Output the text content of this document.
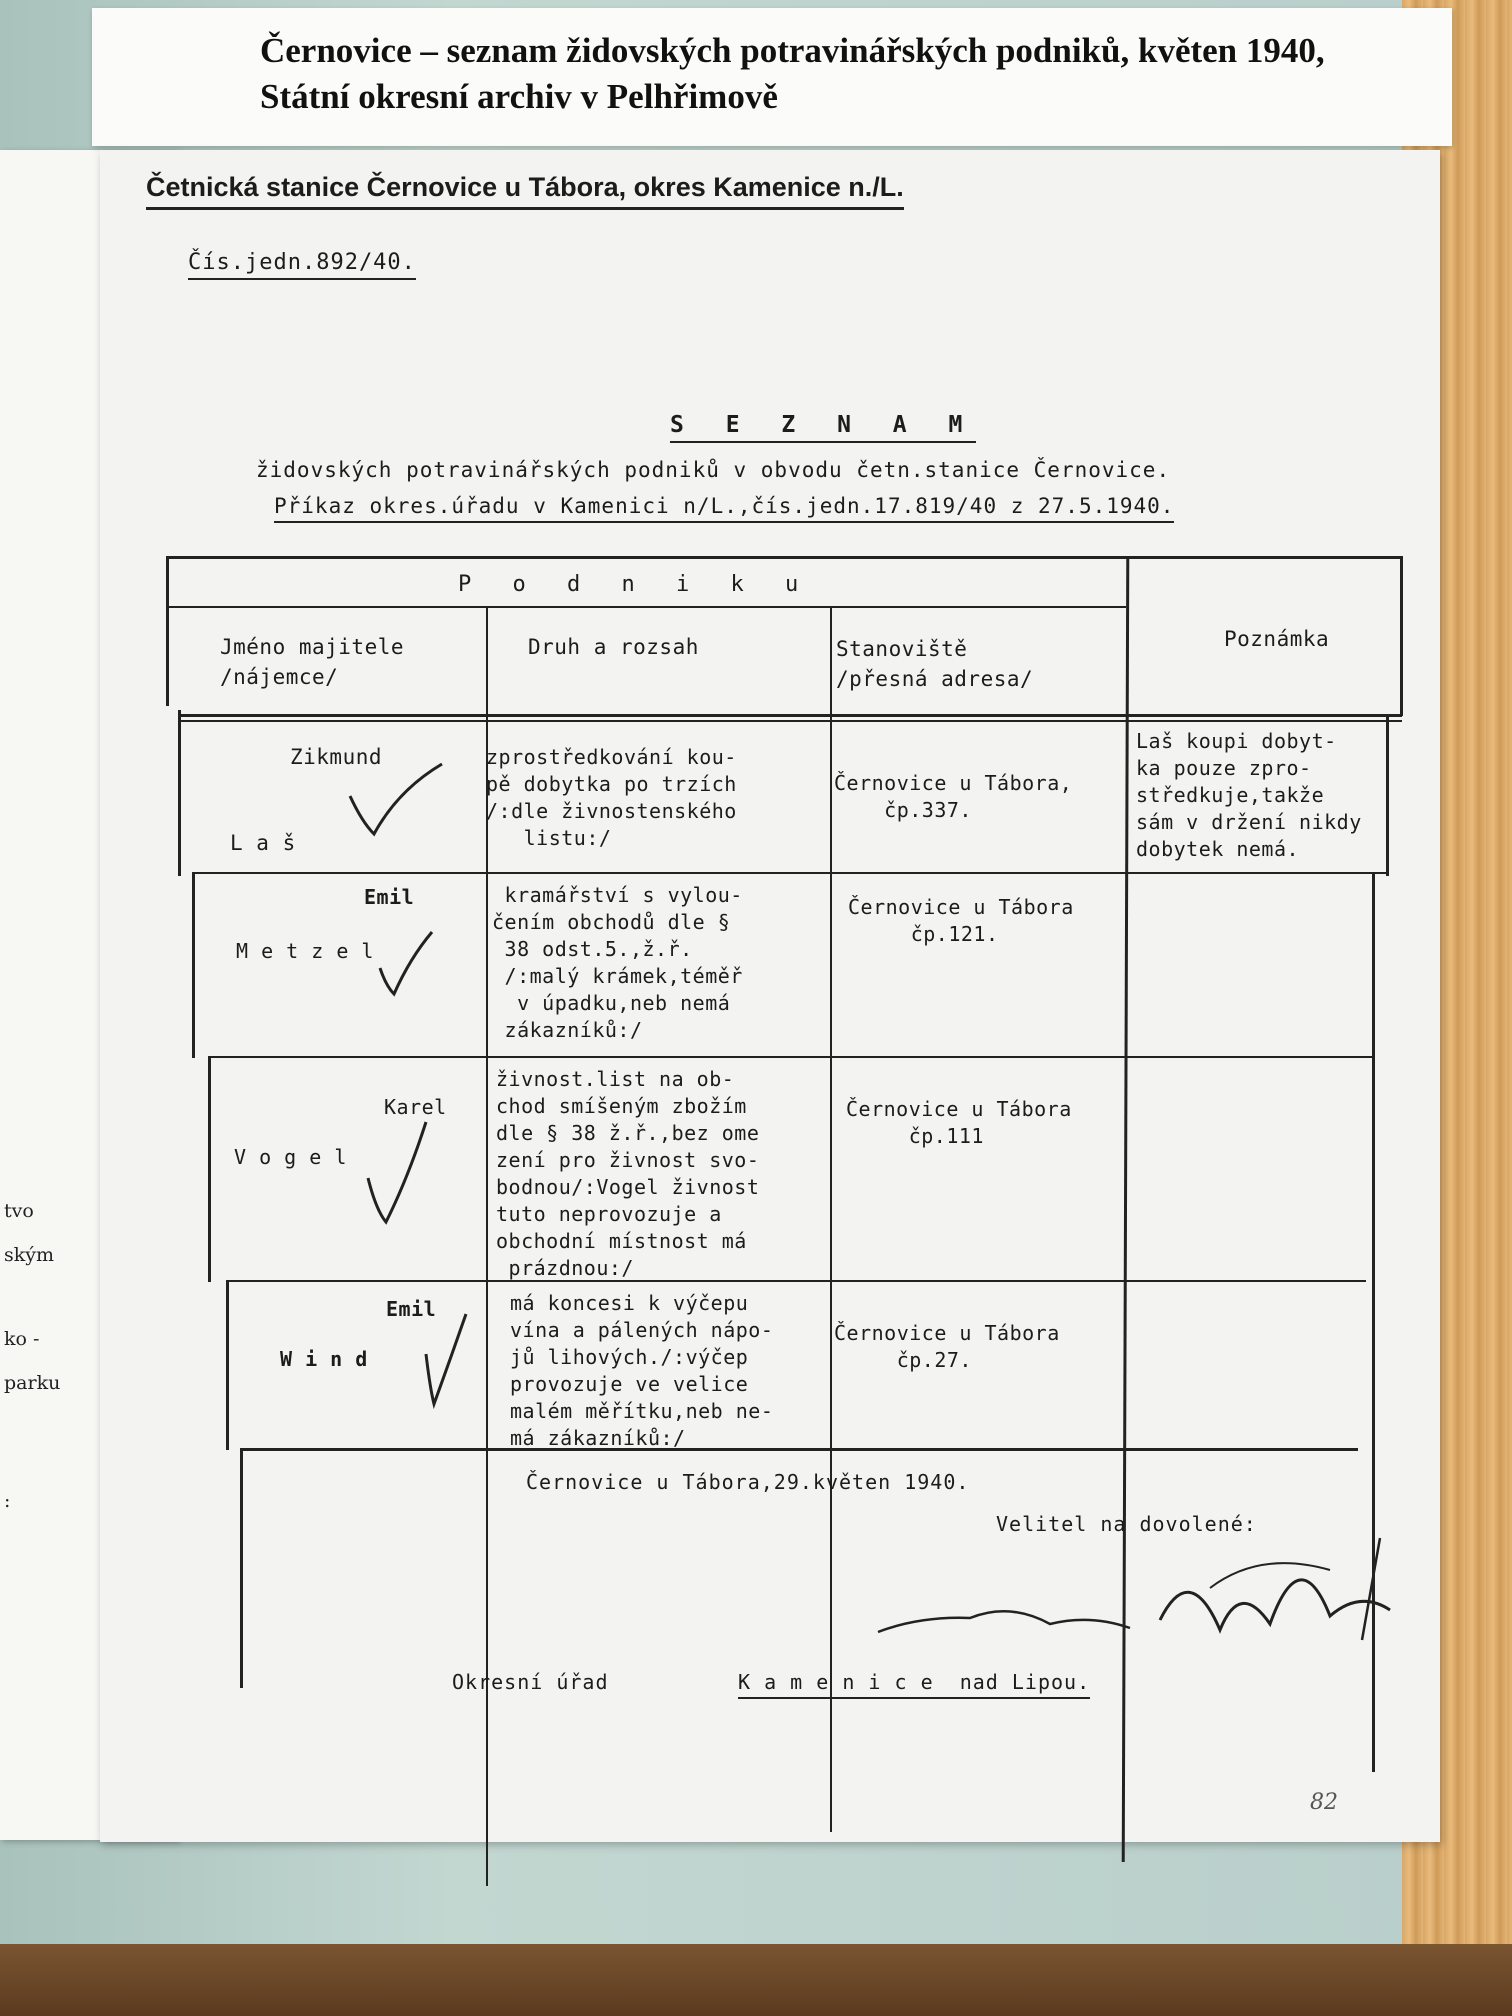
tvo
ským
ko -
parku
:
Černovice – seznam židovských potravinářských podniků, květen 1940, Státní okresní archiv v Pelhřimově
Četnická stanice Černovice u Tábora, okres Kamenice n./L.
Čís.jedn.892/40.
S E Z N A M
židovských potravinářských podniků v obvodu četn.stanice Černovice.
Příkaz okres.úřadu v Kamenici n/L.,čís.jedn.17.819/40 z 27.5.1940.
P o d n i k u
Jméno majitele
/nájemce/
Druh a rozsah	Stanoviště
/přesná adresa/
Poznámka
Zikmund
L a š
zprostředkování kou-
pě dobytka po trzích
/:dle živnostenského
listu:/
Černovice u Tábora,
čp.337.
Laš koupi dobyt-
ka pouze zpro-
středkuje,takže
sám v držení nikdy
dobytek nemá.
Emil
M e t z e l
kramářství s vylou-
čením obchodů dle §
38 odst.5.,ž.ř.
/:malý krámek,téměř
v úpadku,neb nemá
zákazníků:/
Černovice u Tábora
čp.121.
Karel
V o g e l
živnost.list na ob-
chod smíšeným zbožím
dle § 38 ž.ř.,bez ome
zení pro živnost svo-
bodnou/:Vogel živnost
tuto neprovozuje a
obchodní místnost má
prázdnou:/
Černovice u Tábora
čp.111
Emil
W i n d
má koncesi k výčepu
vína a pálených nápo-
jů lihových./:výčep
provozuje ve velice
malém měřítku,neb ne-
má zákazníků:/
Černovice u Tábora
čp.27.
Černovice u Tábora,29.květen 1940.
Velitel na dovolené:
Okresní úřad	K a m e n i c e  nad Lipou.
82
